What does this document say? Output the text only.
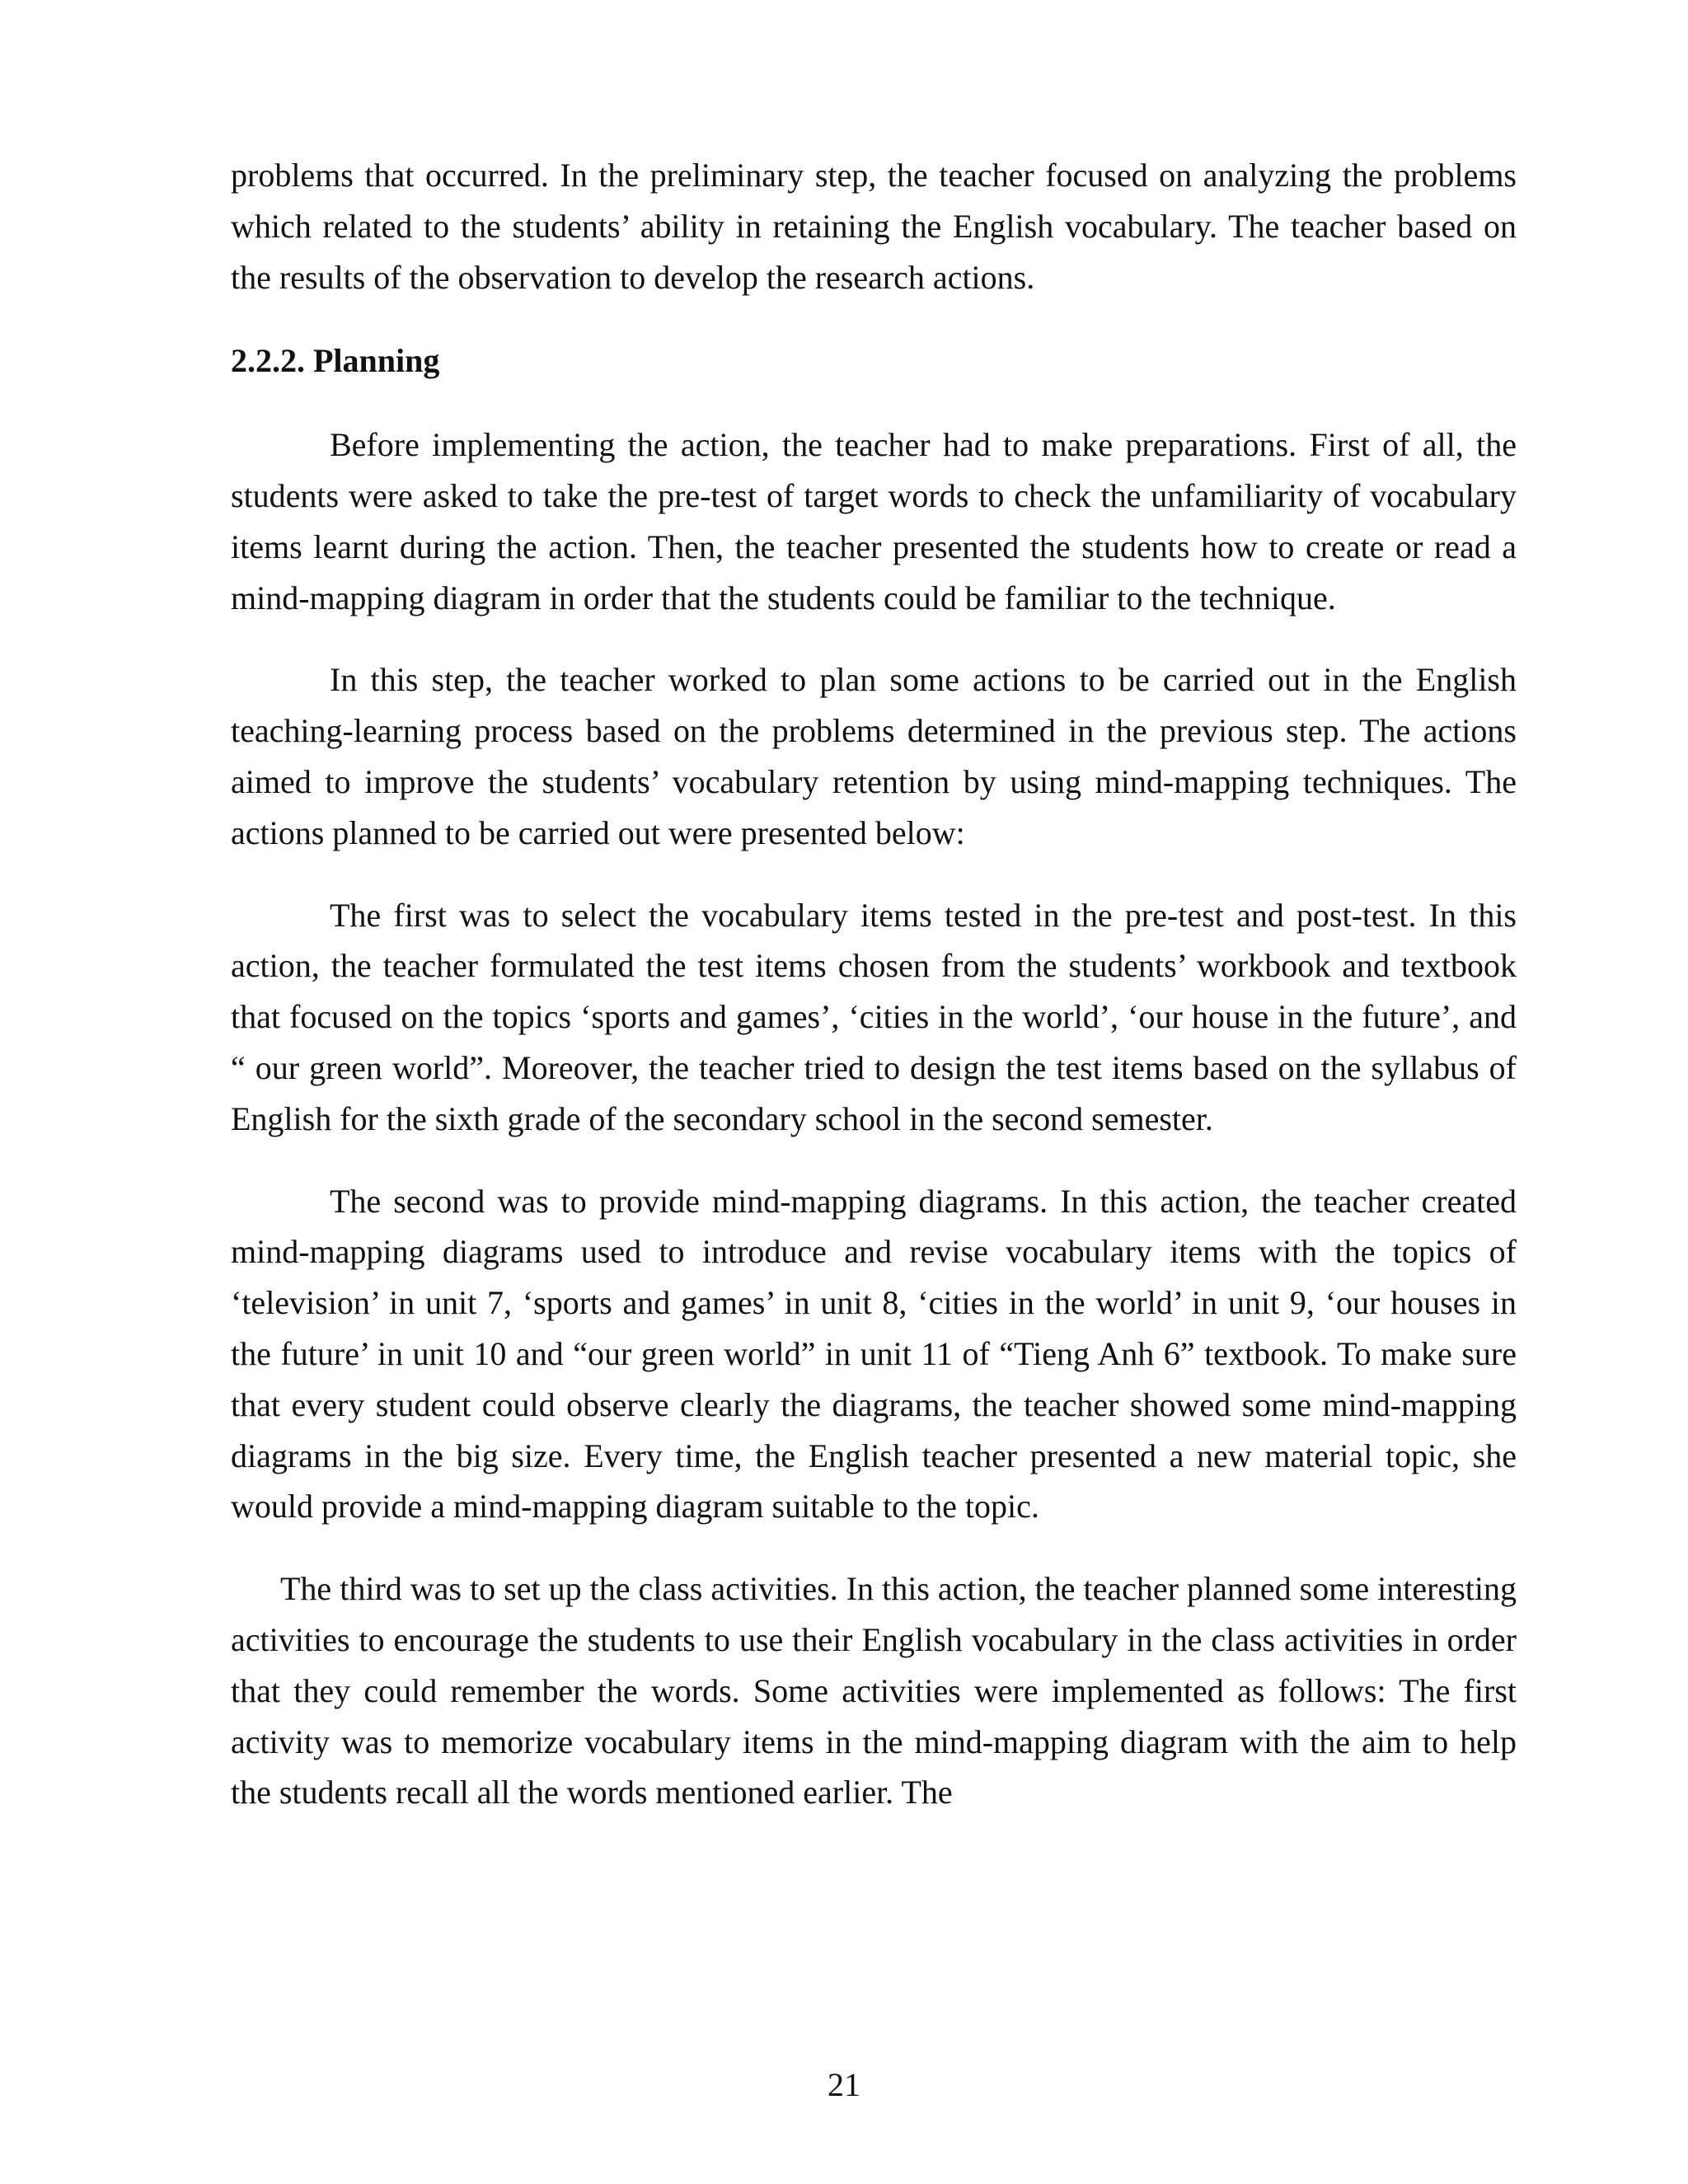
problems that occurred. In the preliminary step, the teacher focused on analyzing the problems which related to the students’ ability in retaining the English vocabulary. The teacher based on the results of the observation to develop the research actions.

2.2.2. Planning

Before implementing the action, the teacher had to make preparations. First of all, the students were asked to take the pre-test of target words to check the unfamiliarity of vocabulary items learnt during the action. Then, the teacher presented the students how to create or read a mind-mapping diagram in order that the students could be familiar to the technique.

In this step, the teacher worked to plan some actions to be carried out in the English teaching-learning process based on the problems determined in the previous step. The actions aimed to improve the students’ vocabulary retention by using mind-mapping techniques. The actions planned to be carried out were presented below:

The first was to select the vocabulary items tested in the pre-test and post-test. In this action, the teacher formulated the test items chosen from the students’ workbook and textbook that focused on the topics ‘sports and games’, ‘cities in the world’, ‘our house in the future’, and “ our green world”. Moreover, the teacher tried to design the test items based on the syllabus of English for the sixth grade of the secondary school in the second semester.

The second was to provide mind-mapping diagrams. In this action, the teacher created mind-mapping diagrams used to introduce and revise vocabulary items with the topics of ‘television’ in unit 7, ‘sports and games’ in unit 8, ‘cities in the world’ in unit 9, ‘our houses in the future’ in unit 10 and “our green world” in unit 11 of “Tieng Anh 6” textbook. To make sure that every student could observe clearly the diagrams, the teacher showed some mind-mapping diagrams in the big size. Every time, the English teacher presented a new material topic, she would provide a mind-mapping diagram suitable to the topic.

The third was to set up the class activities. In this action, the teacher planned some interesting activities to encourage the students to use their English vocabulary in the class activities in order that they could remember the words. Some activities were implemented as follows: The first activity was to memorize vocabulary items in the mind-mapping diagram with the aim to help the students recall all the words mentioned earlier. The

21
